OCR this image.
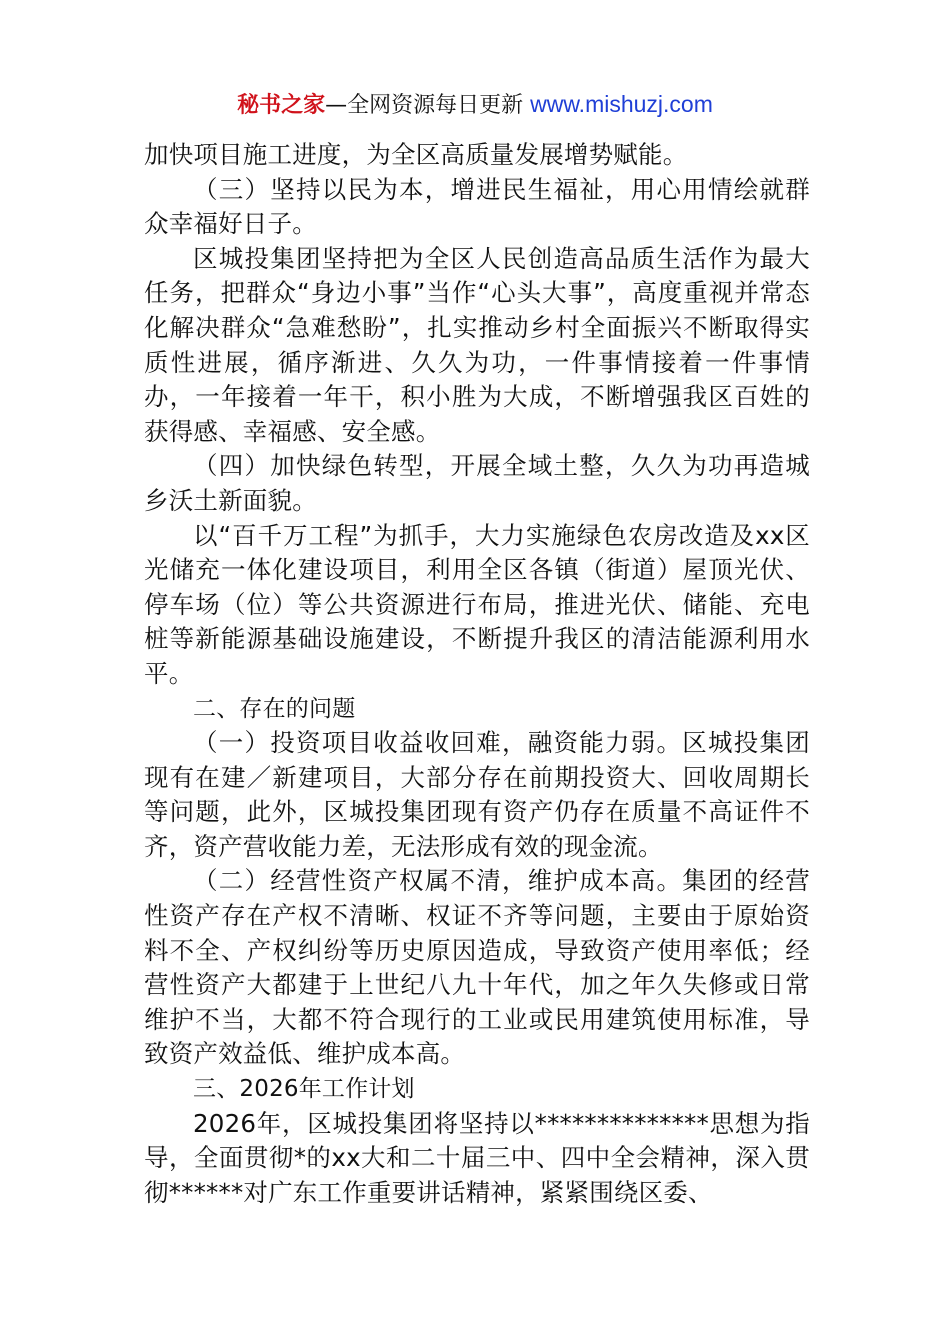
秘书之家—全网资源每日更新 www.mishuzj.com

加快项目施工进度，为全区高质量发展增势赋能。

（三）坚持以民为本，增进民生福祉，用心用情绘就群众幸福好日子。

区城投集团坚持把为全区人民创造高品质生活作为最大任务，把群众“身边小事”当作“心头大事”，高度重视并常态化解决群众“急难愁盼”，扎实推动乡村全面振兴不断取得实质性进展，循序渐进、久久为功，一件事情接着一件事情办，一年接着一年干，积小胜为大成，不断增强我区百姓的获得感、幸福感、安全感。

（四）加快绿色转型，开展全域土整，久久为功再造城乡沃土新面貌。

以“百千万工程”为抓手，大力实施绿色农房改造及xx区光储充一体化建设项目，利用全区各镇（街道）屋顶光伏、停车场（位）等公共资源进行布局，推进光伏、储能、充电桩等新能源基础设施建设，不断提升我区的清洁能源利用水平。

二、存在的问题

（一）投资项目收益收回难，融资能力弱。区城投集团现有在建／新建项目，大部分存在前期投资大、回收周期长等问题，此外，区城投集团现有资产仍存在质量不高证件不齐，资产营收能力差，无法形成有效的现金流。

（二）经营性资产权属不清，维护成本高。集团的经营性资产存在产权不清晰、权证不齐等问题，主要由于原始资料不全、产权纠纷等历史原因造成，导致资产使用率低；经营性资产大都建于上世纪八九十年代，加之年久失修或日常维护不当，大都不符合现行的工业或民用建筑使用标准，导致资产效益低、维护成本高。

三、2026年工作计划

2026年，区城投集团将坚持以**************思想为指导，全面贯彻*的xx大和二十届三中、四中全会精神，深入贯彻******对广东工作重要讲话精神，紧紧围绕区委、
